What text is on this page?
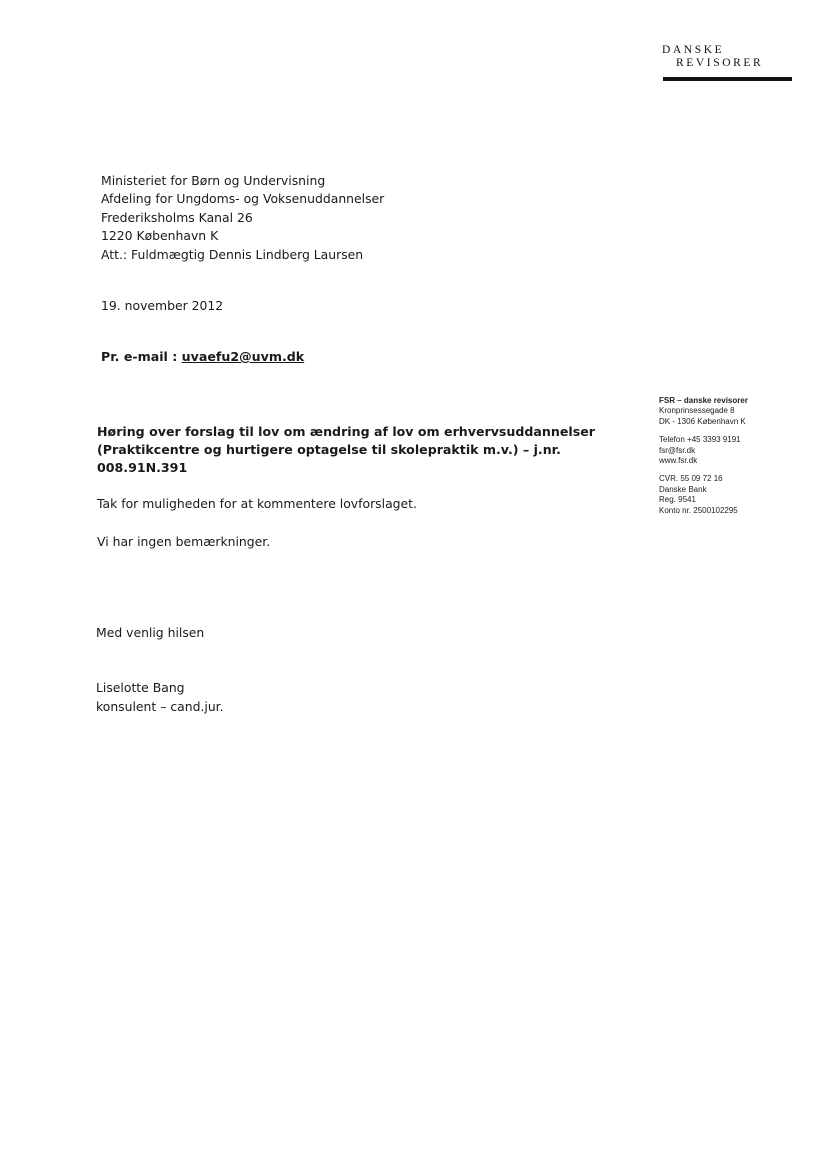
DANSKE
REVISORER
Ministeriet for Børn og Undervisning
Afdeling for Ungdoms- og Voksenuddannelser
Frederiksholms Kanal 26
1220 København K
Att.: Fuldmægtig Dennis Lindberg Laursen
19. november 2012
Pr. e-mail : uvaefu2@uvm.dk
Høring over forslag til lov om ændring af lov om erhvervsuddannelser
(Praktikcentre og hurtigere optagelse til skolepraktik m.v.) – j.nr.
008.91N.391
Tak for muligheden for at kommentere lovforslaget.
Vi har ingen bemærkninger.
Med venlig hilsen
Liselotte Bang
konsulent – cand.jur.
FSR – danske revisorer
Kronprinsessegade 8
DK - 1306 København K
Telefon +45 3393 9191
fsr@fsr.dk
www.fsr.dk
CVR. 55 09 72 16
Danske Bank
Reg. 9541
Konto nr. 2500102295
